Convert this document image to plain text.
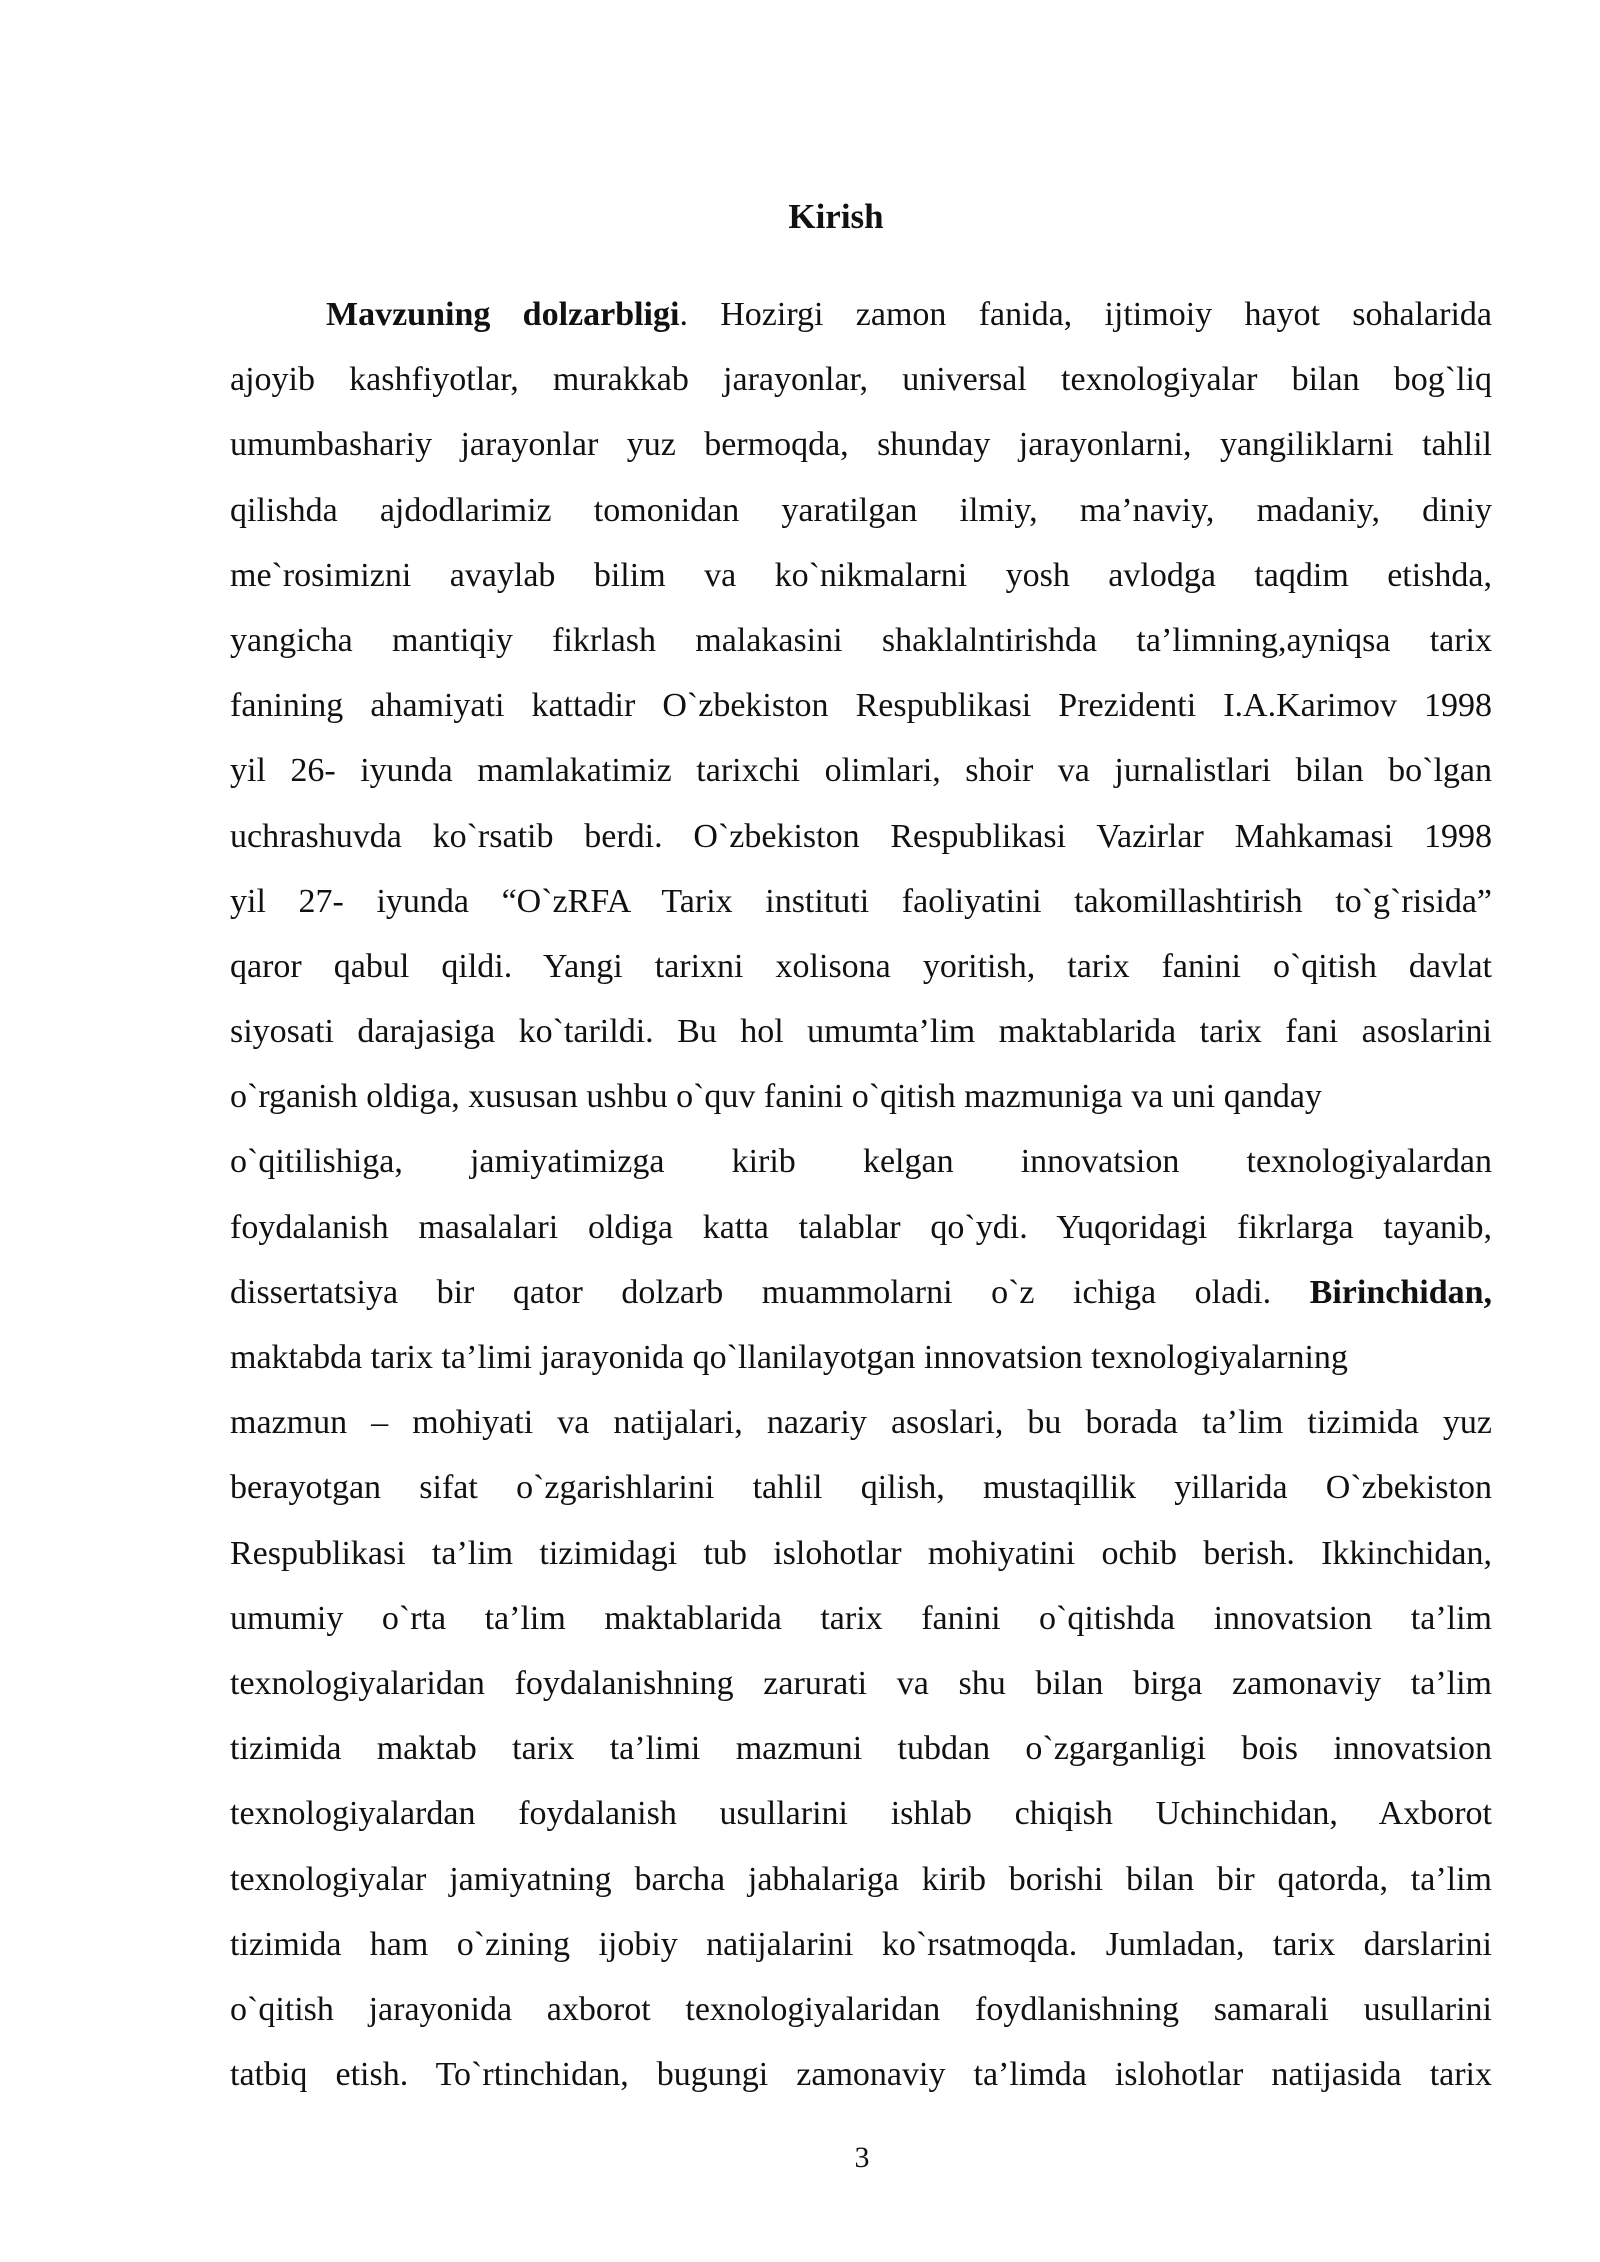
Kirish
Mavzuning dolzarbligi. Hozirgi zamon fanida, ijtimoiy hayot sohalarida
ajoyib kashfiyotlar, murakkab jarayonlar, universal texnologiyalar bilan bog`liq
umumbashariy jarayonlar yuz bermoqda, shunday jarayonlarni, yangiliklarni tahlil
qilishda ajdodlarimiz tomonidan yaratilgan ilmiy, ma’naviy, madaniy, diniy
me`rosimizni avaylab bilim va ko`nikmalarni yosh avlodga taqdim etishda,
yangicha mantiqiy fikrlash malakasini shaklalntirishda ta’limning,ayniqsa tarix
fanining ahamiyati kattadir O`zbekiston Respublikasi Prezidenti I.A.Karimov 1998
yil 26- iyunda mamlakatimiz tarixchi olimlari, shoir va jurnalistlari bilan bo`lgan
uchrashuvda ko`rsatib berdi. O`zbekiston Respublikasi Vazirlar Mahkamasi 1998
yil 27- iyunda “O`zRFA Tarix instituti faoliyatini takomillashtirish to`g`risida”
qaror qabul qildi. Yangi tarixni xolisona yoritish, tarix fanini o`qitish davlat
siyosati darajasiga ko`tarildi. Bu hol umumta’lim maktablarida tarix fani asoslarini
o`rganish oldiga, xususan ushbu o`quv fanini o`qitish mazmuniga va uni qanday
o`qitilishiga, jamiyatimizga kirib kelgan innovatsion texnologiyalardan
foydalanish masalalari oldiga katta talablar qo`ydi. Yuqoridagi fikrlarga tayanib,
dissertatsiya bir qator dolzarb muammolarni o`z ichiga oladi. Birinchidan,
maktabda tarix ta’limi jarayonida qo`llanilayotgan innovatsion texnologiyalarning
mazmun – mohiyati va natijalari, nazariy asoslari, bu borada ta’lim tizimida yuz
berayotgan sifat o`zgarishlarini tahlil qilish, mustaqillik yillarida O`zbekiston
Respublikasi ta’lim tizimidagi tub islohotlar mohiyatini ochib berish. Ikkinchidan,
umumiy o`rta ta’lim maktablarida tarix fanini o`qitishda innovatsion ta’lim
texnologiyalaridan foydalanishning zarurati va shu bilan birga zamonaviy ta’lim
tizimida maktab tarix ta’limi mazmuni tubdan o`zgarganligi bois innovatsion
texnologiyalardan foydalanish usullarini ishlab chiqish Uchinchidan, Axborot
texnologiyalar jamiyatning barcha jabhalariga kirib borishi bilan bir qatorda, ta’lim
tizimida ham o`zining ijobiy natijalarini ko`rsatmoqda. Jumladan, tarix darslarini
o`qitish jarayonida axborot texnologiyalaridan foydlanishning samarali usullarini
tatbiq etish. To`rtinchidan, bugungi zamonaviy ta’limda islohotlar natijasida tarix
3
